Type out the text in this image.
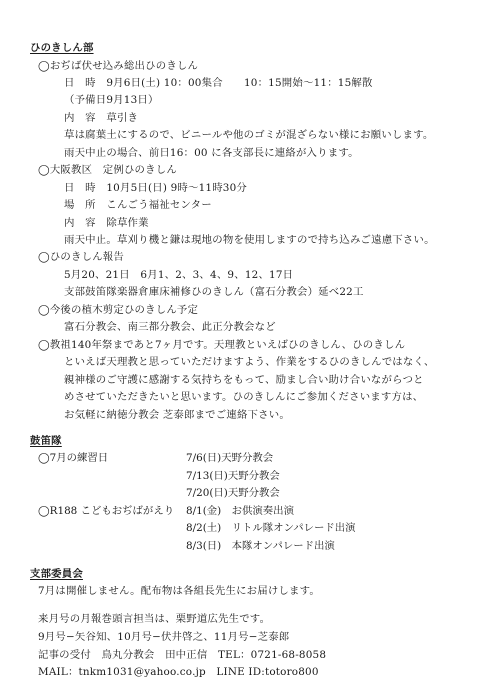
ひのきしん部
◯おぢば伏せ込み総出ひのきしん
日　時　9月6日(土) 10：00集合　　10：15開始～11：15解散
（予備日9月13日）
内　容　草引き
草は腐葉土にするので、ビニールや他のゴミが混ざらない様にお願いします。
雨天中止の場合、前日16：00 に各支部長に連絡が入ります。
◯大阪教区　定例ひのきしん
日　時　10月5日(日) 9時～11時30分
場　所　こんごう福祉センター
内　容　除草作業
雨天中止。草刈り機と鎌は現地の物を使用しますので持ち込みご遠慮下さい。
◯ひのきしん報告
5月20、21日　6月1、2、3、4、9、12、17日
支部鼓笛隊楽器倉庫床補修ひのきしん（富石分教会）延べ22工
◯今後の植木剪定ひのきしん予定
富石分教会、南三都分教会、此正分教会など
◯教祖140年祭まであと7ヶ月です。天理教といえばひのきしん、ひのきしん
といえば天理教と思っていただけますよう、作業をするひのきしんではなく、
親神様のご守護に感謝する気持ちをもって、励まし合い助け合いながらつと
めさせていただきたいと思います。ひのきしんにご参加くださいます方は、
お気軽に納徳分教会 芝泰郎までご連絡下さい。
鼓笛隊
◯7月の練習日	7/6(日)天野分教会
7/13(日)天野分教会
7/20(日)天野分教会
◯R188 こどもおぢばがえり 8/1(金)　お供演奏出演
8/2(土)　リトル隊オンパレード出演
8/3(日)　本隊オンパレード出演
支部委員会
7月は開催しません。配布物は各組長先生にお届けします。
来月号の月報巻頭言担当は、栗野道広先生です。
9月号−矢谷知、10月号−伏井啓之、11月号−芝泰郎
記事の受付　鳥丸分教会　田中正信　TEL：0721-68-8058
MAIL：tnkm1031@yahoo.co.jp　LINE ID:totoro800
